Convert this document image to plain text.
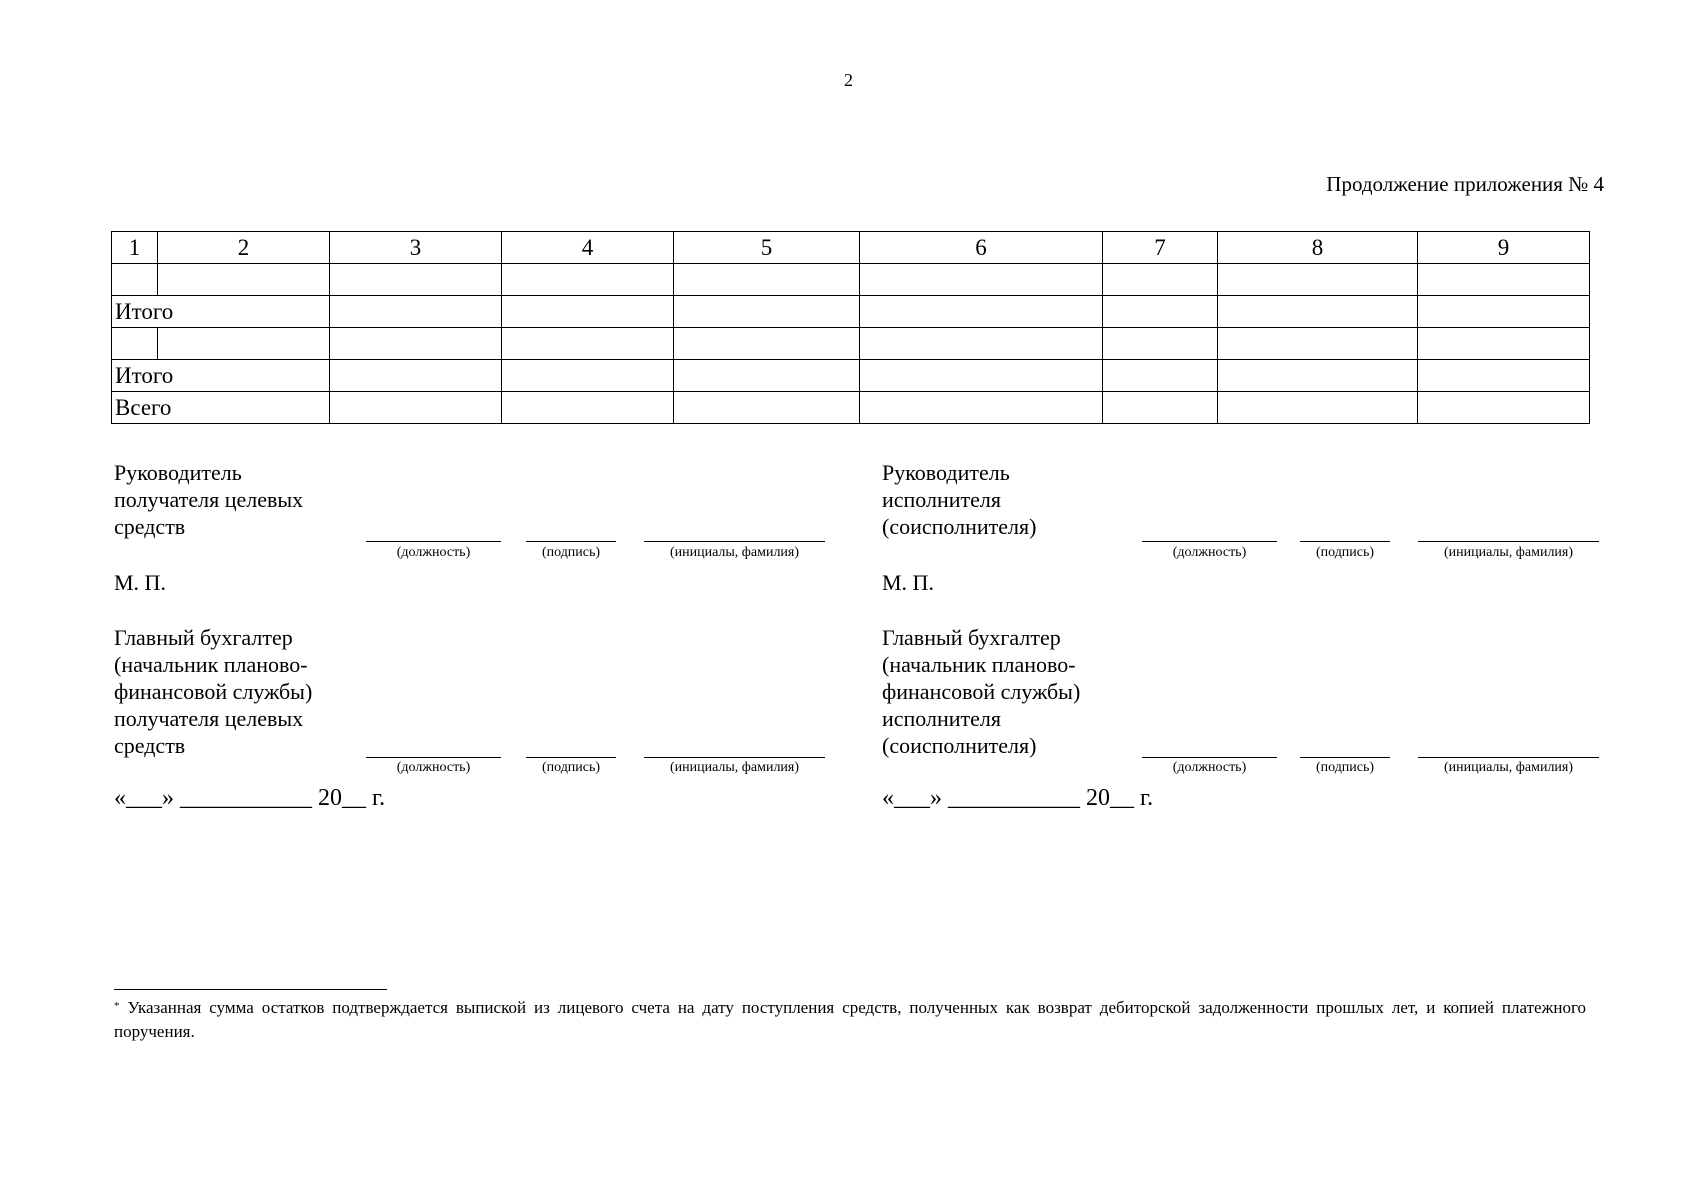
2
Продолжение приложения № 4
1	2	3	4	5	6	7	8	9

Итого								

Итого								
Всего								
Руководитель
получателя целевых
средств
(должность)	(подпись)	(инициалы, фамилия)
М. П.
Главный бухгалтер
(начальник планово-
финансовой службы)
получателя целевых
средств
(должность)	(подпись)	(инициалы, фамилия)
«___» ___________ 20__ г.
Руководитель
исполнителя
(соисполнителя)
(должность)	(подпись)	(инициалы, фамилия)
М. П.
Главный бухгалтер
(начальник планово-
финансовой службы)
исполнителя
(соисполнителя)
(должность)	(подпись)	(инициалы, фамилия)
«___» ___________ 20__ г.
* Указанная сумма остатков подтверждается выпиской из лицевого счета на дату поступления средств, полученных как возврат дебиторской задолженности прошлых лет, и копией платежного поручения.
